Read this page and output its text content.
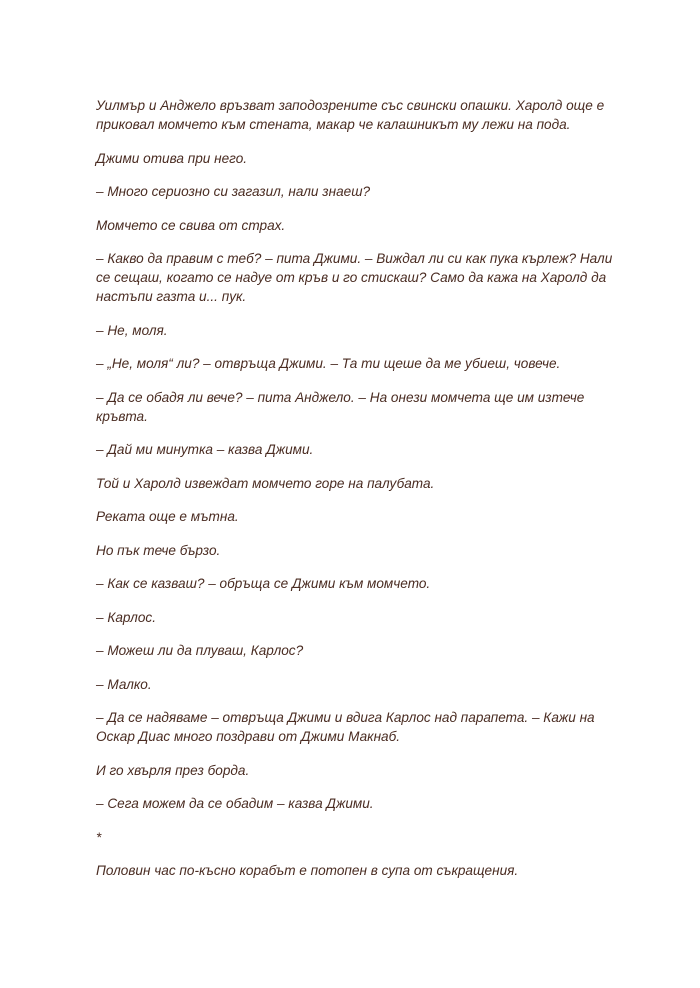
Уилмър и Анджело връзват заподозрените със свински опашки. Харолд още е приковал момчето към стената, макар че калашникът му лежи на пода.

Джими отива при него.

– Много сериозно си загазил, нали знаеш?

Момчето се свива от страх.

– Какво да правим с теб? – пита Джими. – Виждал ли си как пука кърлеж? Нали се сещаш, когато се надуе от кръв и го стискаш? Само да кажа на Харолд да настъпи газта и... пук.

– Не, моля.

– „Не, моля“ ли? – отвръща Джими. – Та ти щеше да ме убиеш, човече.

– Да се обадя ли вече? – пита Анджело. – На онези момчета ще им изтече кръвта.

– Дай ми минутка – казва Джими.

Той и Харолд извеждат момчето горе на палубата.

Реката още е мътна.

Но пък тече бързо.

– Как се казваш? – обръща се Джими към момчето.

– Карлос.

– Можеш ли да плуваш, Карлос?

– Малко.

– Да се надяваме – отвръща Джими и вдига Карлос над парапета. – Кажи на Оскар Диас много поздрави от Джими Макнаб.

И го хвърля през борда.

– Сега можем да се обадим – казва Джими.

*

Половин час по-късно корабът е потопен в супа от съкращения.
